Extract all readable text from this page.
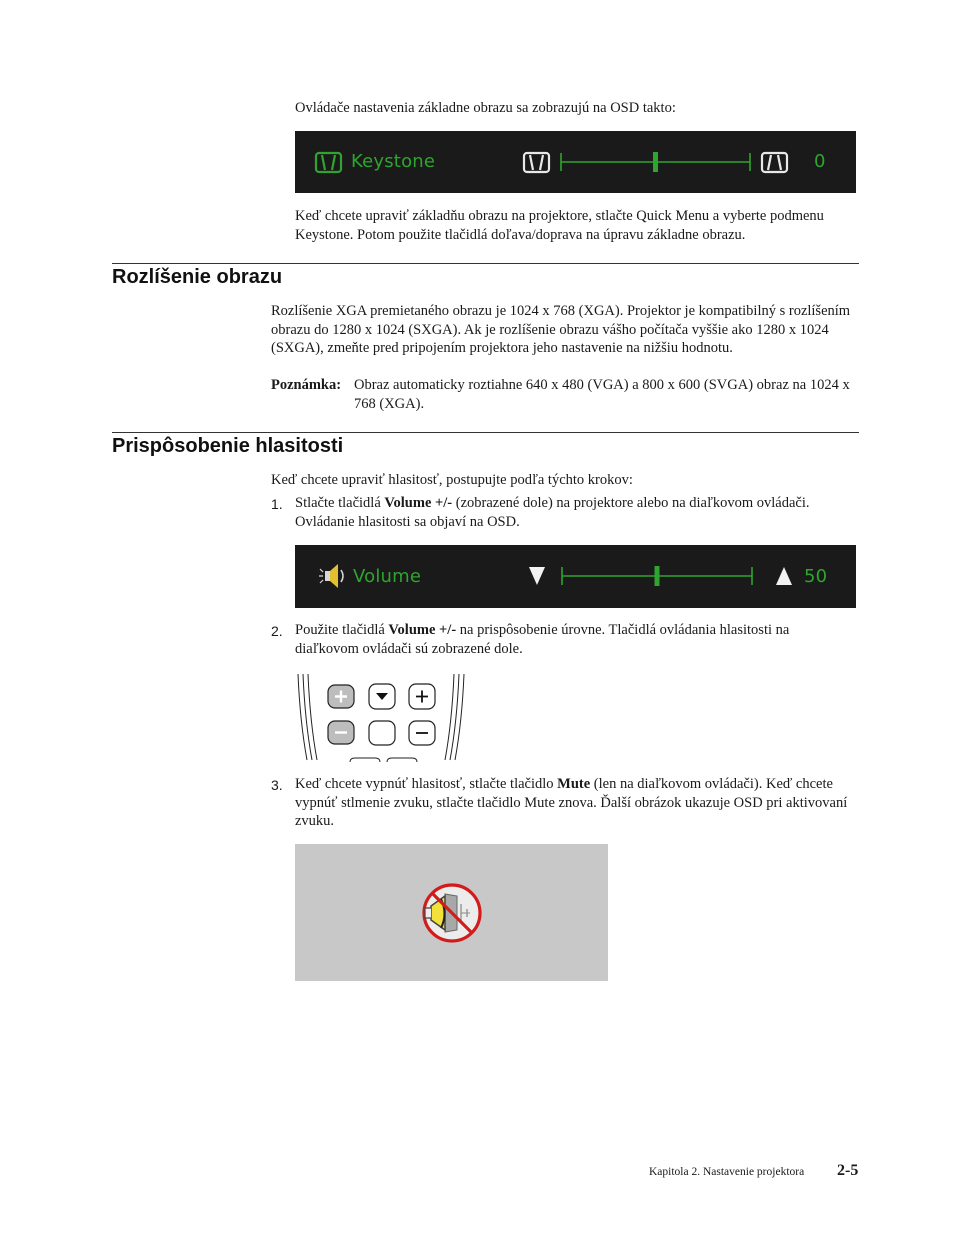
Ovládače nastavenia základne obrazu sa zobrazujú na OSD takto:

Keystone	0

Keď chcete upraviť základňu obrazu na projektore, stlačte Quick Menu a vyberte podmenu Keystone. Potom použite tlačidlá doľava/doprava na úpravu základne obrazu.

Rozlíšenie obrazu

Rozlíšenie XGA premietaného obrazu je 1024 x 768 (XGA). Projektor je kompatibilný s rozlíšením obrazu do 1280 x 1024 (SXGA). Ak je rozlíšenie obrazu vášho počítača vyššie ako 1280 x 1024 (SXGA), zmeňte pred pripojením projektora jeho nastavenie na nižšiu hodnotu.

Poznámka: Obraz automaticky roztiahne 640 x 480 (VGA) a 800 x 600 (SVGA) obraz na 1024 x 768 (XGA).

Prispôsobenie hlasitosti

Keď chcete upraviť hlasitosť, postupujte podľa týchto krokov:

1. Stlačte tlačidlá Volume +/- (zobrazené dole) na projektore alebo na diaľkovom ovládači. Ovládanie hlasitosti sa objaví na OSD.

Volume	50
2. Použite tlačidlá Volume +/- na prispôsobenie úrovne. Tlačidlá ovládania hlasitosti na diaľkovom ovládači sú zobrazené dole.

3. Keď chcete vypnúť hlasitosť, stlačte tlačidlo Mute (len na diaľkovom ovládači). Keď chcete vypnúť stlmenie zvuku, stlačte tlačidlo Mute znova. Ďalší obrázok ukazuje OSD pri aktivovaní zvuku.

Kapitola 2. Nastavenie projektora 2-5
